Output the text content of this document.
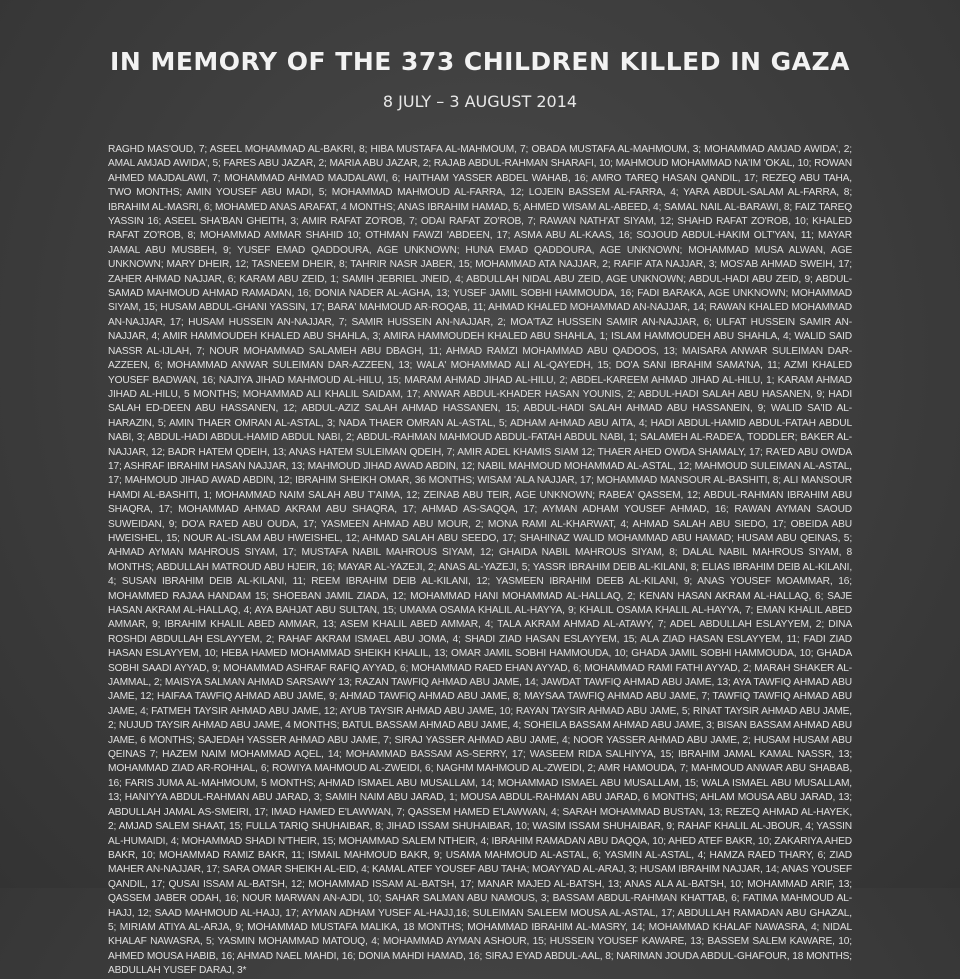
IN MEMORY OF THE 373 CHILDREN KILLED IN GAZA
8 JULY – 3 AUGUST 2014

RAGHD MAS'OUD, 7; ASEEL MOHAMMAD AL-BAKRI, 8; HIBA MUSTAFA AL-MAHMOUM, 7; OBADA MUSTAFA AL-MAHMOUM, 3; MOHAMMAD AMJAD AWIDA', 2; AMAL AMJAD AWIDA', 5; FARES ABU JAZAR, 2; MARIA ABU JAZAR, 2; RAJAB ABDUL-RAHMAN SHARAFI, 10; MAHMOUD MOHAMMAD NA'IM 'OKAL, 10; ROWAN AHMED MAJDALAWI, 7; MOHAMMAD AHMAD MAJDALAWI, 6; HAITHAM YASSER ABDEL WAHAB, 16; AMRO TAREQ HASAN QANDIL, 17; REZEQ ABU TAHA, TWO MONTHS; AMIN YOUSEF ABU MADI, 5; MOHAMMAD MAHMOUD AL-FARRA, 12; LOJEIN BASSEM AL-FARRA, 4; YARA ABDUL-SALAM AL-FARRA, 8; IBRAHIM AL-MASRI, 6; MOHAMED ANAS ARAFAT, 4 MONTHS; ANAS IBRAHIM HAMAD, 5; AHMED WISAM AL-ABEED, 4; SAMAL NAIL AL-BARAWI, 8; FAIZ TAREQ YASSIN 16; ASEEL SHA'BAN GHEITH, 3; AMIR RAFAT ZO'ROB, 7; ODAI RAFAT ZO'ROB, 7; RAWAN NATH'AT SIYAM, 12; SHAHD RAFAT ZO'ROB, 10; KHALED RAFAT ZO'ROB, 8; MOHAMMAD AMMAR SHAHID 10; OTHMAN FAWZI 'ABDEEN, 17; ASMA ABU AL-KAAS, 16; SOJOUD ABDUL-HAKIM OLT'YAN, 11; MAYAR JAMAL ABU MUSBEH, 9; YUSEF EMAD QADDOURA, AGE UNKNOWN; HUNA EMAD QADDOURA, AGE UNKNOWN; MOHAMMAD MUSA ALWAN, AGE UNKNOWN; MARY DHEIR, 12; TASNEEM DHEIR, 8; TAHRIR NASR JABER, 15; MOHAMMAD ATA NAJJAR, 2; RAFIF ATA NAJJAR, 3; MOS'AB AHMAD SWEIH, 17; ZAHER AHMAD NAJJAR, 6; KARAM ABU ZEID, 1; SAMIH JEBRIEL JNEID, 4; ABDULLAH NIDAL ABU ZEID, AGE UNKNOWN; ABDUL-HADI ABU ZEID, 9; ABDUL-SAMAD MAHMOUD AHMAD RAMADAN, 16; DONIA NADER AL-AGHA, 13; YUSEF JAMIL SOBHI HAMMOUDA, 16; FADI BARAKA, AGE UNKNOWN; MOHAMMAD SIYAM, 15; HUSAM ABDUL-GHANI YASSIN, 17; BARA' MAHMOUD AR-ROQAB, 11; AHMAD KHALED MOHAMMAD AN-NAJJAR, 14; RAWAN KHALED MOHAMMAD AN-NAJJAR, 17; HUSAM HUSSEIN AN-NAJJAR, 7; SAMIR HUSSEIN AN-NAJJAR, 2; MOA'TAZ HUSSEIN SAMIR AN-NAJJAR, 6; ULFAT HUSSEIN SAMIR AN-NAJJAR, 4; AMIR HAMMOUDEH KHALED ABU SHAHLA, 3; AMIRA HAMMOUDEH KHALED ABU SHAHLA, 1; ISLAM HAMMOUDEH ABU SHAHLA, 4; WALID SAID NASSR AL-IJLAH, 7; NOUR MOHAMMAD SALAMEH ABU DBAGH, 11; AHMAD RAMZI MOHAMMAD ABU QADOOS, 13; MAISARA ANWAR SULEIMAN DAR-AZZEEN, 6; MOHAMMAD ANWAR SULEIMAN DAR-AZZEEN, 13; WALA' MOHAMMAD ALI AL-QAYEDH, 15; DO'A SANI IBRAHIM SAMA'NA, 11; AZMI KHALED YOUSEF BADWAN, 16; NAJIYA JIHAD MAHMOUD AL-HILU, 15; MARAM AHMAD JIHAD AL-HILU, 2; ABDEL-KAREEM AHMAD JIHAD AL-HILU, 1; KARAM AHMAD JIHAD AL-HILU, 5 MONTHS; MOHAMMAD ALI KHALIL SAIDAM, 17; ANWAR ABDUL-KHADER HASAN YOUNIS, 2; ABDUL-HADI SALAH ABU HASANEN, 9; HADI SALAH ED-DEEN ABU HASSANEN, 12; ABDUL-AZIZ SALAH AHMAD HASSANEN, 15; ABDUL-HADI SALAH AHMAD ABU HASSANEIN, 9; WALID SA'ID AL-HARAZIN, 5; AMIN THAER OMRAN AL-ASTAL, 3; NADA THAER OMRAN AL-ASTAL, 5; ADHAM AHMAD ABU AITA, 4; HADI ABDUL-HAMID ABDUL-FATAH ABDUL NABI, 3; ABDUL-HADI ABDUL-HAMID ABDUL NABI, 2; ABDUL-RAHMAN MAHMOUD ABDUL-FATAH ABDUL NABI, 1; SALAMEH AL-RADE'A, TODDLER; BAKER AL-NAJJAR, 12; BADR HATEM QDEIH, 13; ANAS HATEM SULEIMAN QDEIH, 7; AMIR ADEL KHAMIS SIAM 12; THAER AHED OWDA SHAMALY, 17; RA'ED ABU OWDA 17; ASHRAF IBRAHIM HASAN NAJJAR, 13; MAHMOUD JIHAD AWAD ABDIN, 12; NABIL MAHMOUD MOHAMMAD AL-ASTAL, 12; MAHMOUD SULEIMAN AL-ASTAL, 17; MAHMOUD JIHAD AWAD ABDIN, 12; IBRAHIM SHEIKH OMAR, 36 MONTHS; WISAM 'ALA NAJJAR, 17; MOHAMMAD MANSOUR AL-BASHITI, 8; ALI MANSOUR HAMDI AL-BASHITI, 1; MOHAMMAD NAIM SALAH ABU T'AIMA, 12; ZEINAB ABU TEIR, AGE UNKNOWN; RABEA' QASSEM, 12; ABDUL-RAHMAN IBRAHIM ABU SHAQRA, 17; MOHAMMAD AHMAD AKRAM ABU SHAQRA, 17; AHMAD AS-SAQQA, 17; AYMAN ADHAM YOUSEF AHMAD, 16; RAWAN AYMAN SAOUD SUWEIDAN, 9; DO'A RA'ED ABU OUDA, 17; YASMEEN AHMAD ABU MOUR, 2; MONA RAMI AL-KHARWAT, 4; AHMAD SALAH ABU SIEDO, 17; OBEIDA ABU HWEISHEL, 15; NOUR AL-ISLAM ABU HWEISHEL, 12; AHMAD SALAH ABU SEEDO, 17; SHAHINAZ WALID MOHAMMAD ABU HAMAD; HUSAM ABU QEINAS, 5; AHMAD AYMAN MAHROUS SIYAM, 17; MUSTAFA NABIL MAHROUS SIYAM, 12; GHAIDA NABIL MAHROUS SIYAM, 8; DALAL NABIL MAHROUS SIYAM, 8 MONTHS; ABDULLAH MATROUD ABU HJEIR, 16; MAYAR AL-YAZEJI, 2; ANAS AL-YAZEJI, 5; YASSR IBRAHIM DEIB AL-KILANI, 8; ELIAS IBRAHIM DEIB AL-KILANI, 4; SUSAN IBRAHIM DEIB AL-KILANI, 11; REEM IBRAHIM DEIB AL-KILANI, 12; YASMEEN IBRAHIM DEEB AL-KILANI, 9; ANAS YOUSEF MOAMMAR, 16; MOHAMMED RAJAA HANDAM 15; SHOEBAN JAMIL ZIADA, 12; MOHAMMAD HANI MOHAMMAD AL-HALLAQ, 2; KENAN HASAN AKRAM AL-HALLAQ, 6; SAJE HASAN AKRAM AL-HALLAQ, 4; AYA BAHJAT ABU SULTAN, 15; UMAMA OSAMA KHALIL AL-HAYYA, 9; KHALIL OSAMA KHALIL AL-HAYYA, 7; EMAN KHALIL ABED AMMAR, 9; IBRAHIM KHALIL ABED AMMAR, 13; ASEM KHALIL ABED AMMAR, 4; TALA AKRAM AHMAD AL-ATAWY, 7; ADEL ABDULLAH ESLAYYEM, 2; DINA ROSHDI ABDULLAH ESLAYYEM, 2; RAHAF AKRAM ISMAEL ABU JOMA, 4; SHADI ZIAD HASAN ESLAYYEM, 15; ALA ZIAD HASAN ESLAYYEM, 11; FADI ZIAD HASAN ESLAYYEM, 10; HEBA HAMED MOHAMMAD SHEIKH KHALIL, 13; OMAR JAMIL SOBHI HAMMOUDA, 10; GHADA JAMIL SOBHI HAMMOUDA, 10; GHADA SOBHI SAADI AYYAD, 9; MOHAMMAD ASHRAF RAFIQ AYYAD, 6; MOHAMMAD RAED EHAN AYYAD, 6; MOHAMMAD RAMI FATHI AYYAD, 2; MARAH SHAKER AL-JAMMAL, 2; MAISYA SALMAN AHMAD SARSAWY 13; RAZAN TAWFIQ AHMAD ABU JAME, 14; JAWDAT TAWFIQ AHMAD ABU JAME, 13; AYA TAWFIQ AHMAD ABU JAME, 12; HAIFAA TAWFIQ AHMAD ABU JAME, 9; AHMAD TAWFIQ AHMAD ABU JAME, 8; MAYSAA TAWFIQ AHMAD ABU JAME, 7; TAWFIQ TAWFIQ AHMAD ABU JAME, 4; FATMEH TAYSIR AHMAD ABU JAME, 12; AYUB TAYSIR AHMAD ABU JAME, 10; RAYAN TAYSIR AHMAD ABU JAME, 5; RINAT TAYSIR AHMAD ABU JAME, 2; NUJUD TAYSIR AHMAD ABU JAME, 4 MONTHS; BATUL BASSAM AHMAD ABU JAME, 4; SOHEILA BASSAM AHMAD ABU JAME, 3; BISAN BASSAM AHMAD ABU JAME, 6 MONTHS; SAJEDAH YASSER AHMAD ABU JAME, 7; SIRAJ YASSER AHMAD ABU JAME, 4; NOOR YASSER AHMAD ABU JAME, 2; HUSAM HUSAM ABU QEINAS 7; HAZEM NAIM MOHAMMAD AQEL, 14; MOHAMMAD BASSAM AS-SERRY, 17; WASEEM RIDA SALHIYYA, 15; IBRAHIM JAMAL KAMAL NASSR, 13; MOHAMMAD ZIAD AR-ROHHAL, 6; ROWIYA MAHMOUD AL-ZWEIDI, 6; NAGHM MAHMOUD AL-ZWEIDI, 2; AMR HAMOUDA, 7; MAHMOUD ANWAR ABU SHABAB, 16; FARIS JUMA AL-MAHMOUM, 5 MONTHS; AHMAD ISMAEL ABU MUSALLAM, 14; MOHAMMAD ISMAEL ABU MUSALLAM, 15; WALA ISMAEL ABU MUSALLAM, 13; HANIYYA ABDUL-RAHMAN ABU JARAD, 3; SAMIH NAIM ABU JARAD, 1; MOUSA ABDUL-RAHMAN ABU JARAD, 6 MONTHS; AHLAM MOUSA ABU JARAD, 13; ABDULLAH JAMAL AS-SMEIRI, 17; IMAD HAMED E'LAWWAN, 7; QASSEM HAMED E'LAWWAN, 4; SARAH MOHAMMAD BUSTAN, 13; REZEQ AHMAD AL-HAYEK, 2; AMJAD SALEM SHAAT, 15; FULLA TARIQ SHUHAIBAR, 8; JIHAD ISSAM SHUHAIBAR, 10; WASIM ISSAM SHUHAIBAR, 9; RAHAF KHALIL AL-JBOUR, 4; YASSIN AL-HUMAIDI, 4; MOHAMMAD SHADI N'THEIR, 15; MOHAMMAD SALEM NTHEIR, 4; IBRAHIM RAMADAN ABU DAQQA, 10; AHED ATEF BAKR, 10; ZAKARIYA AHED BAKR, 10; MOHAMMAD RAMIZ BAKR, 11; ISMAIL MAHMOUD BAKR, 9; USAMA MAHMOUD AL-ASTAL, 6; YASMIN AL-ASTAL, 4; HAMZA RAED THARY, 6; ZIAD MAHER AN-NAJJAR, 17; SARA OMAR SHEIKH AL-EID, 4; KAMAL ATEF YOUSEF ABU TAHA; MOAYYAD AL-ARAJ, 3; HUSAM IBRAHIM NAJJAR, 14; ANAS YOUSEF QANDIL, 17; QUSAI ISSAM AL-BATSH, 12; MOHAMMAD ISSAM AL-BATSH, 17; MANAR MAJED AL-BATSH, 13; ANAS ALA AL-BATSH, 10; MOHAMMAD ARIF, 13; QASSEM JABER ODAH, 16; NOUR MARWAN AN-AJDI, 10; SAHAR SALMAN ABU NAMOUS, 3; BASSAM ABDUL-RAHMAN KHATTAB, 6; FATIMA MAHMOUD AL-HAJJ, 12; SAAD MAHMOUD AL-HAJJ, 17; AYMAN ADHAM YUSEF AL-HAJJ,16; SULEIMAN SALEEM MOUSA AL-ASTAL, 17; ABDULLAH RAMADAN ABU GHAZAL, 5; MIRIAM ATIYA AL-ARJA, 9; MOHAMMAD MUSTAFA MALIKA, 18 MONTHS; MOHAMMAD IBRAHIM AL-MASRY, 14; MOHAMMAD KHALAF NAWASRA, 4; NIDAL KHALAF NAWASRA, 5; YASMIN MOHAMMAD MATOUQ, 4; MOHAMMAD AYMAN ASHOUR, 15; HUSSEIN YOUSEF KAWARE, 13; BASSEM SALEM KAWARE, 10; AHMED MOUSA HABIB, 16; AHMAD NAEL MAHDI, 16; DONIA MAHDI HAMAD, 16; SIRAJ EYAD ABDUL-AAL, 8; NARIMAN JOUDA ABDUL-GHAFOUR, 18 MONTHS; ABDULLAH YUSEF DARAJ, 3*
